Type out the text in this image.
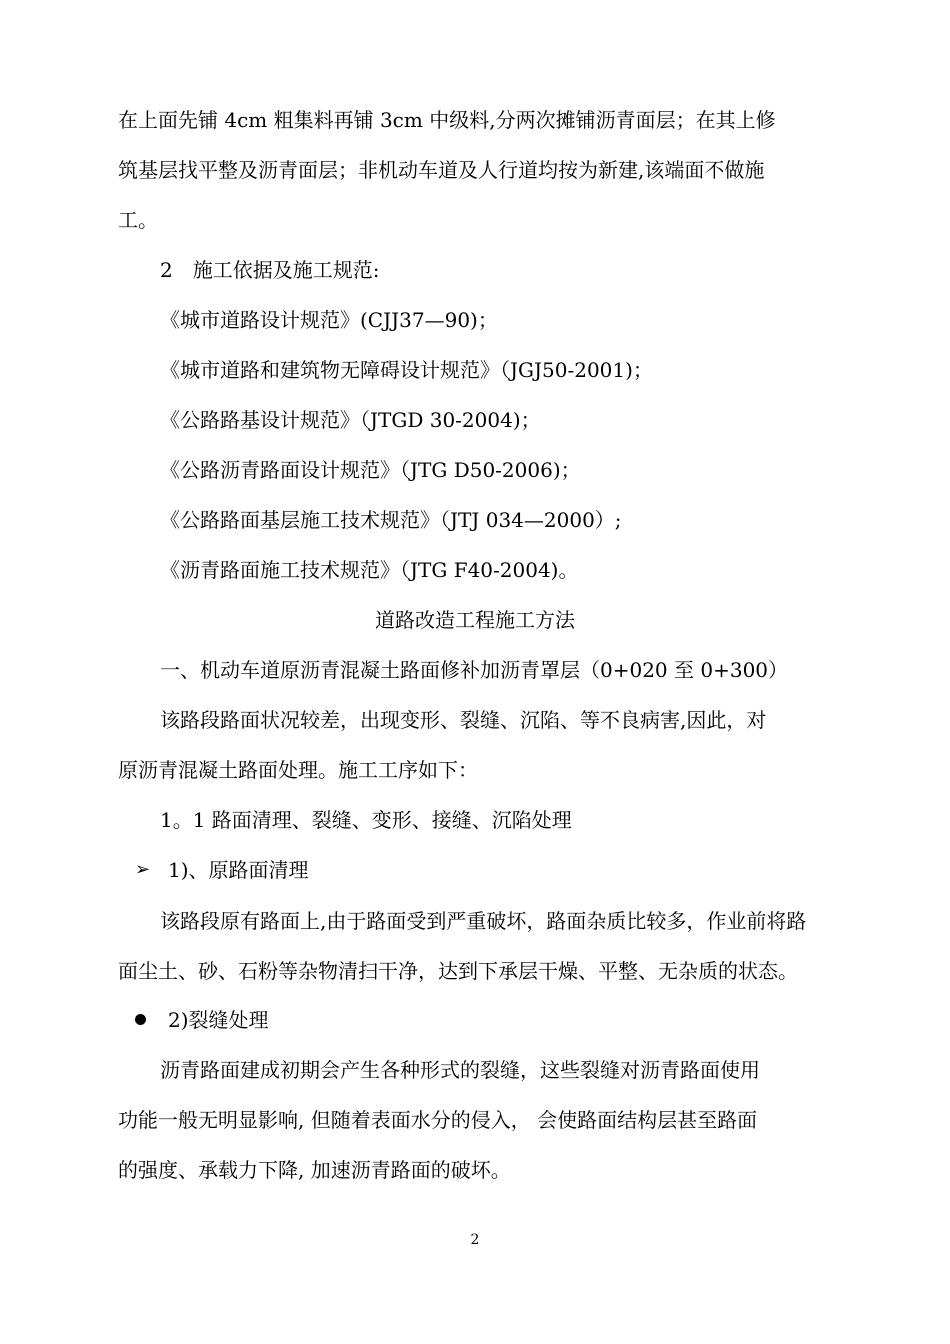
在上面先铺 4cm 粗集料再铺 3cm 中级料,分两次摊铺沥青面层；在其上修
筑基层找平整及沥青面层；非机动车道及人行道均按为新建,该端面不做施
工。
2　施工依据及施工规范:
《城市道路设计规范》(CJJ37—90)；
《城市道路和建筑物无障碍设计规范》（JGJ50-2001)；
《公路路基设计规范》（JTGD 30-2004)；
《公路沥青路面设计规范》（JTG D50-2006)；
《公路路面基层施工技术规范》（JTJ 034—2000）;
《沥青路面施工技术规范》（JTG F40-2004)。
道路改造工程施工方法
一、机动车道原沥青混凝土路面修补加沥青罩层（0+020 至 0+300）
该路段路面状况较差，出现变形、裂缝、沉陷、等不良病害,因此，对
原沥青混凝土路面处理。施工工序如下：
1。1 路面清理、裂缝、变形、接缝、沉陷处理
➢ 1)、原路面清理
该路段原有路面上,由于路面受到严重破坏，路面杂质比较多，作业前将路
面尘土、砂、石粉等杂物清扫干净，达到下承层干燥、平整、无杂质的状态。
2)裂缝处理
沥青路面建成初期会产生各种形式的裂缝，这些裂缝对沥青路面使用
功能一般无明显影响, 但随着表面水分的侵入， 会使路面结构层甚至路面
的强度、承载力下降, 加速沥青路面的破坏。
2
